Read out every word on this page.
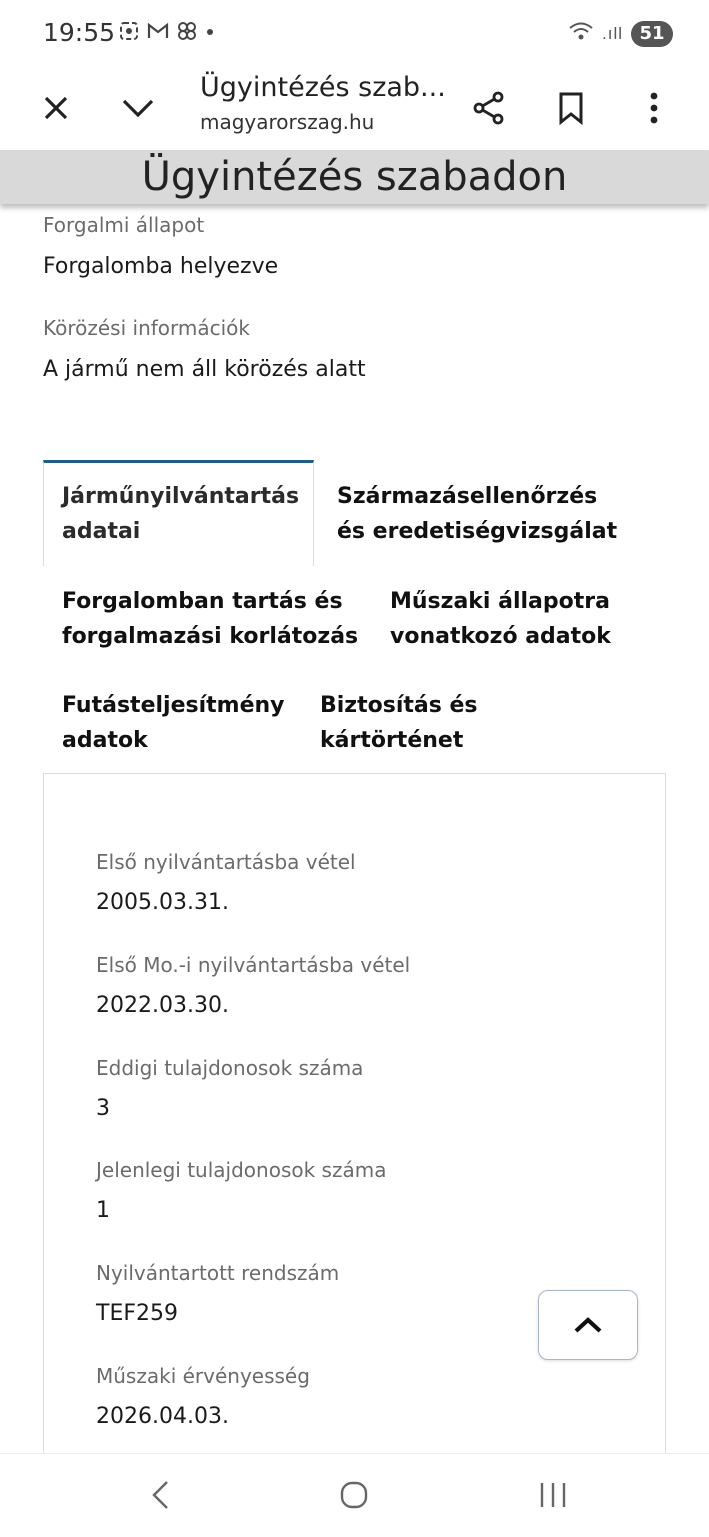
19:55	.ıll 51
Ügyintézés szab...
magyarorszag.hu
Ügyintézés szabadon
Forgalmi állapot
Forgalomba helyezve
Körözési információk
A jármű nem áll körözés alatt
Járműnyilvántartás
adatai
Származásellenőrzés
és eredetiségvizsgálat
Forgalomban tartás és
forgalmazási korlátozás
Műszaki állapotra
vonatkozó adatok
Futásteljesítmény
adatok
Biztosítás és
kártörténet
Első nyilvántartásba vétel
2005.03.31.
Első Mo.-i nyilvántartásba vétel
2022.03.30.
Eddigi tulajdonosok száma
3
Jelenlegi tulajdonosok száma
1
Nyilvántartott rendszám
TEF259
Műszaki érvényesség
2026.04.03.
